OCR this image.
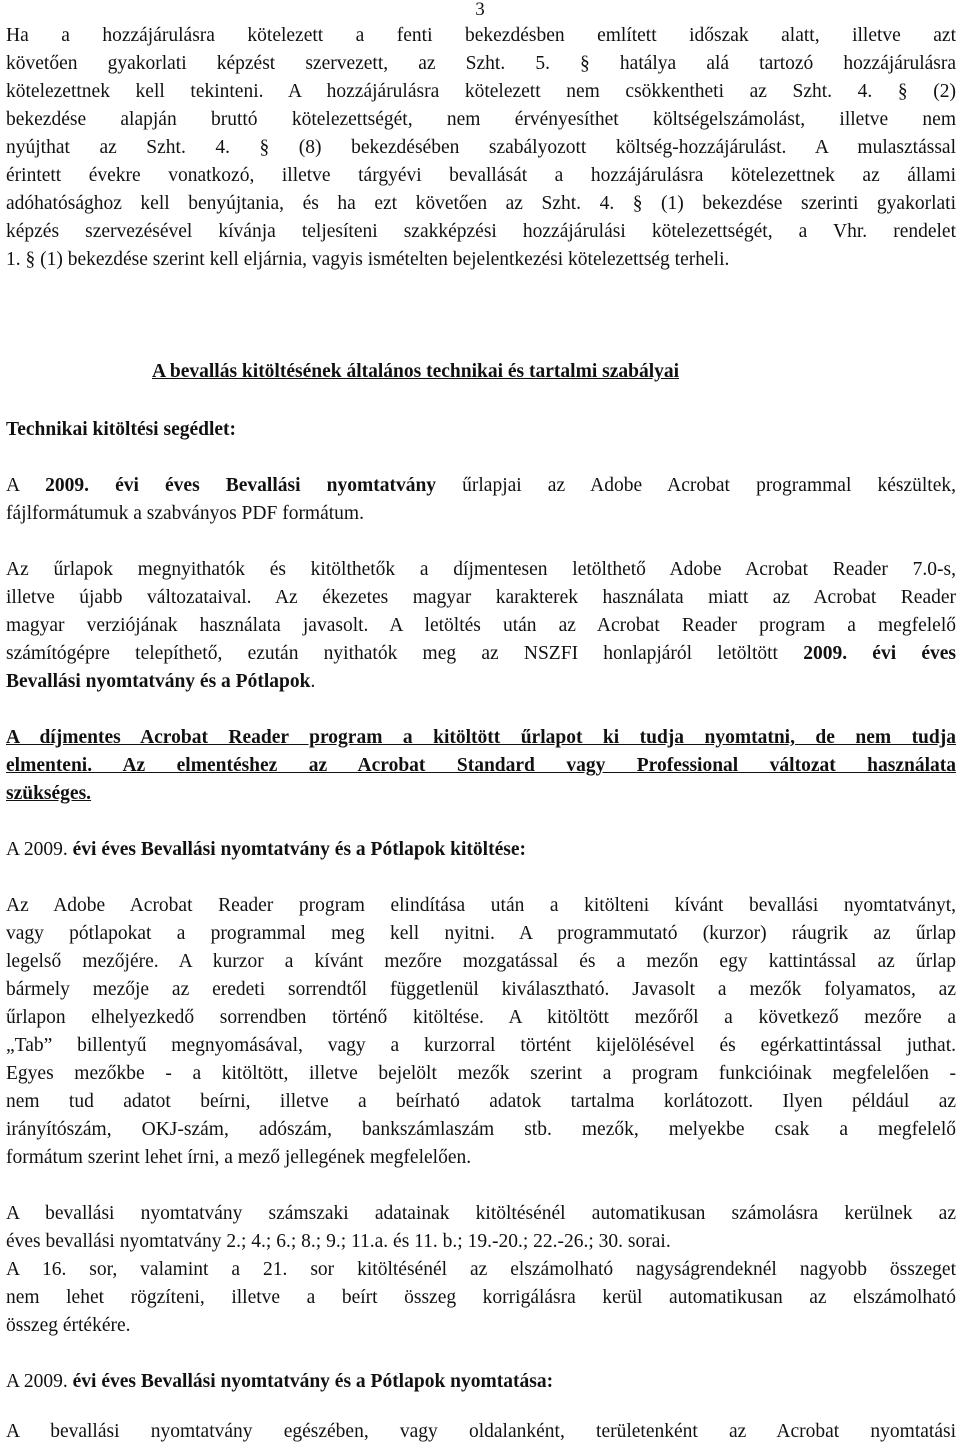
3
Ha a hozzájárulásra kötelezett a fenti bekezdésben említett időszak alatt, illetve azt
követően gyakorlati képzést szervezett, az Szht. 5. § hatálya alá tartozó hozzájárulásra
kötelezettnek kell tekinteni. A hozzájárulásra kötelezett nem csökkentheti az Szht. 4. § (2)
bekezdése alapján bruttó kötelezettségét, nem érvényesíthet költségelszámolást, illetve nem
nyújthat az Szht. 4. § (8) bekezdésében szabályozott költség-hozzájárulást. A mulasztással
érintett évekre vonatkozó, illetve tárgyévi bevallását a hozzájárulásra kötelezettnek az állami
adóhatósághoz kell benyújtania, és ha ezt követően az Szht. 4. § (1) bekezdése szerinti gyakorlati
képzés szervezésével kívánja teljesíteni szakképzési hozzájárulási kötelezettségét, a Vhr. rendelet
1. § (1) bekezdése szerint kell eljárnia, vagyis ismételten bejelentkezési kötelezettség terheli.
A bevallás kitöltésének általános technikai és tartalmi szabályai
Technikai kitöltési segédlet:
A 2009. évi éves Bevallási nyomtatvány űrlapjai az Adobe Acrobat programmal készültek,
fájlformátumuk a szabványos PDF formátum.
Az űrlapok megnyithatók és kitölthetők a díjmentesen letölthető Adobe Acrobat Reader 7.0-s,
illetve újabb változataival. Az ékezetes magyar karakterek használata miatt az Acrobat Reader
magyar verziójának használata javasolt. A letöltés után az Acrobat Reader program a megfelelő
számítógépre telepíthető, ezután nyithatók meg az NSZFI honlapjáról letöltött 2009. évi éves
Bevallási nyomtatvány és a Pótlapok.
A díjmentes Acrobat Reader program a kitöltött űrlapot ki tudja nyomtatni, de nem tudja
elmenteni. Az elmentéshez az Acrobat Standard vagy Professional változat használata
szükséges.
A 2009. évi éves Bevallási nyomtatvány és a Pótlapok kitöltése:
Az Adobe Acrobat Reader program elindítása után a kitölteni kívánt bevallási nyomtatványt,
vagy pótlapokat a programmal meg kell nyitni. A programmutató (kurzor) ráugrik az űrlap
legelső mezőjére. A kurzor a kívánt mezőre mozgatással és a mezőn egy kattintással az űrlap
bármely mezője az eredeti sorrendtől függetlenül kiválasztható. Javasolt a mezők folyamatos, az
űrlapon elhelyezkedő sorrendben történő kitöltése. A kitöltött mezőről a következő mezőre a
„Tab” billentyű megnyomásával, vagy a kurzorral történt kijelölésével és egérkattintással juthat.
Egyes mezőkbe - a kitöltött, illetve bejelölt mezők szerint a program funkcióinak megfelelően -
nem tud adatot beírni, illetve a beírható adatok tartalma korlátozott. Ilyen például az
irányítószám, OKJ-szám, adószám, bankszámlaszám stb. mezők, melyekbe csak a megfelelő
formátum szerint lehet írni, a mező jellegének megfelelően.
A bevallási nyomtatvány számszaki adatainak kitöltésénél automatikusan számolásra kerülnek az
éves bevallási nyomtatvány 2.; 4.; 6.; 8.; 9.; 11.a. és 11. b.; 19.-20.; 22.-26.; 30. sorai.
A 16. sor, valamint a 21. sor kitöltésénél az elszámolható nagyságrendeknél nagyobb összeget
nem lehet rögzíteni, illetve a beírt összeg korrigálásra kerül automatikusan az elszámolható
összeg értékére.
A 2009. évi éves Bevallási nyomtatvány és a Pótlapok nyomtatása:
A bevallási nyomtatvány egészében, vagy oldalanként, területenként az Acrobat nyomtatási
